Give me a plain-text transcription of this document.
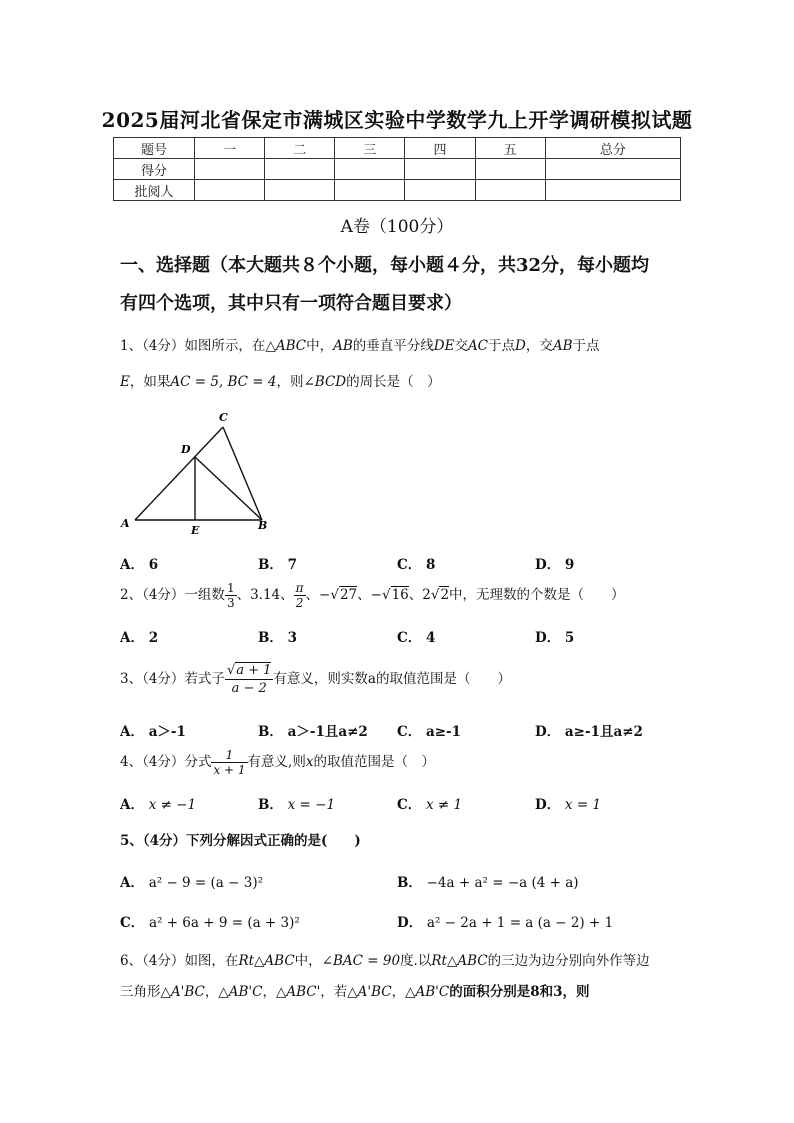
2025届河北省保定市满城区实验中学数学九上开学调研模拟试题
题号	一	二	三	四	五	总分
得分						
批阅人						
A卷（100分）
一、选择题（本大题共８个小题，每小题４分，共32分，每小题均
有四个选项，其中只有一项符合题目要求）
1、（4分）如图所示，在△ABC中，AB的垂直平分线DE交AC于点D，交AB于点
E，如果AC = 5, BC = 4，则∠BCD的周长是（　）
C
D
A
E	B
A． 6	B． 7	C． 8	D． 9
2、（4分）一组数 $\frac{1}{3}$ 、3.14、 $\frac{\pi}{2}$ 、−√27、−√16、2√2中，无理数的个数是（　　）
A． 2	B． 3	C． 4	D． 5
3、（4分）若式子 $\frac{√a + 1}{a - 2}$ 有意义，则实数a的取值范围是（　　）
A． a＞-1	B． a＞-1且a≠2 C． a≥-1	D． a≥-1且a≠2
4、（4分）分式 $\frac{1}{x + 1}$ 有意义,则x的取值范围是（　）
A． x ≠ −1	B． x = −1	C． x ≠ 1	D． x = 1
5、（4分）下列分解因式正确的是(　　)
A． a² − 9 = (a − 3)²	B． −4a + a² = −a (4 + a)
C． a² + 6a + 9 = (a + 3)²	D． a² − 2a + 1 = a (a − 2) + 1
6、（4分）如图，在Rt△ABC中，∠BAC = 90度.以Rt△ABC的三边为边分别向外作等边
三角形△A'BC，△AB'C，△ABC'，若△A'BC，△AB'C的面积分别是8和3，则
